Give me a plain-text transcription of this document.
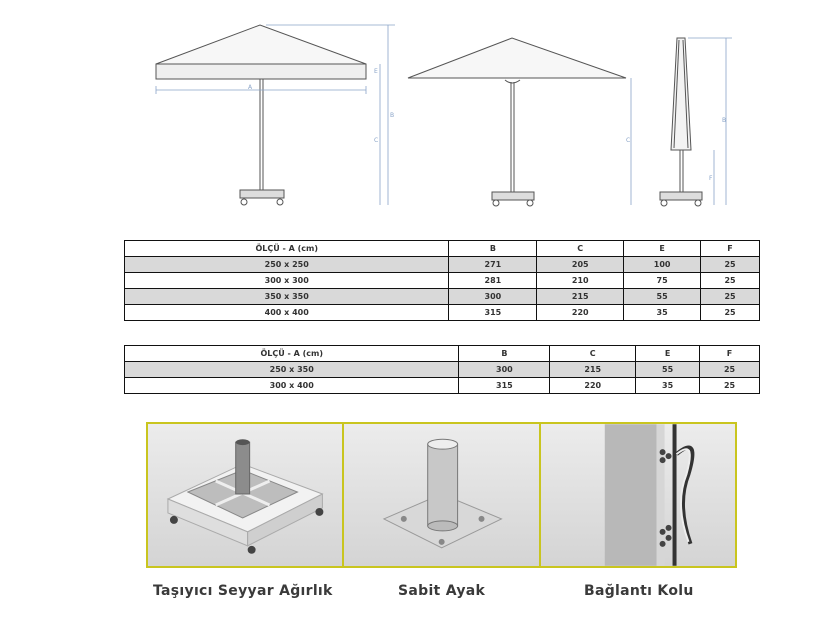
A
B
C
E
C
B
F
ÖLÇÜ - A (cm)	B	C	E	F
250 x 250	271	205	100	25
300 x 300	281	210	75	25
350 x 350	300	215	55	25
400 x 400	315	220	35	25
ÖLÇÜ - A (cm)	B	C	E	F
250 x 350	300	215	55	25
300 x 400	315	220	35	25
Taşıyıcı Seyyar Ağırlık	Sabit Ayak	Bağlantı Kolu
